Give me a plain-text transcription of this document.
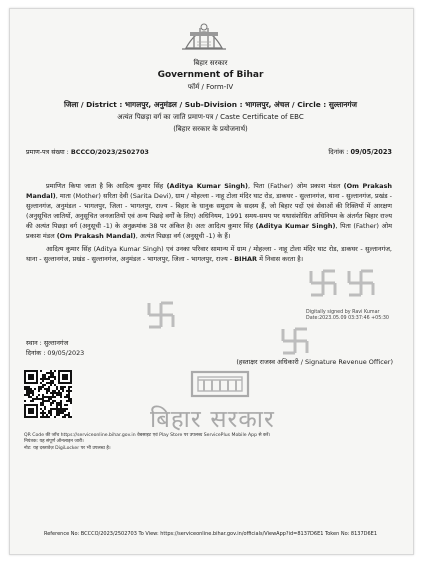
बिहार सरकार
Government of Bihar
फॉर्म / Form-IV
जिला / District : भागलपुर, अनुमंडल / Sub-Division : भागलपुर, अंचल / Circle : सुल्तानगंज
अत्यंत पिछड़ा वर्ग का जाति प्रमाण-पत्र / Caste Certificate of EBC
(बिहार सरकार के प्रयोजनार्थ)
प्रमाण-पत्र संख्या : BCCCO/2023/2502703	दिनांक : 09/05/2023
प्रमाणित किया जाता है कि आदित्य कुमार सिंह (Aditya Kumar Singh), पिता (Father) ओम प्रकाश मंडल (Om Prakash Mandal), माता (Mother) सरिता देवी (Sarita Devi), ग्राम / मोहल्ला - नाहू टोला मंदिर घाट रोड, डाकघर - सुल्तानगंज, थाना - सुल्तानगंज, प्रखंड - सुल्तानगंज, अनुमंडल - भागलपुर, जिला - भागलपुर, राज्य - बिहार के धानुक समुदाय के सदस्य हैं, जो बिहार पदों एवं सेवाओं की रिक्तियों में आरक्षण (अनुसूचित जातियों, अनुसूचित जनजातियों एवं अन्य पिछड़े वर्गों के लिए) अधिनियम, 1991 समय-समय पर यथासंशोधित अधिनियम के अंतर्गत बिहार राज्य की अत्यंत पिछड़ा वर्ग (अनुसूची -1) के अनुक्रमांक 38 पर अंकित है। अतः आदित्य कुमार सिंह (Aditya Kumar Singh), पिता (Father) ओम प्रकाश मंडल (Om Prakash Mandal), अत्यंत पिछड़ा वर्ग (अनुसूची -1) के हैं।
आदित्य कुमार सिंह (Aditya Kumar Singh) एवं उनका परिवार सामान्य में ग्राम / मोहल्ला - नाहू टोला मंदिर घाट रोड, डाकघर - सुल्तानगंज, थाना - सुल्तानगंज, प्रखंड - सुल्तानगंज, अनुमंडल - भागलपुर, जिला - भागलपुर, राज्य - BIHAR में निवास करता है।
Digitally signed by Ravi Kumar
Date:2023.05.09 03:37:46 +05:30
स्थान : सुल्तानगंज
दिनांक : 09/05/2023
(हस्ताक्षर राजस्व अधिकारी / Signature Revenue Officer)
बिहार सरकार
QR Code की जाँच https://serviceonline.bihar.gov.in वेबसाइट एवं Play Store पर उपलब्ध ServicePlus Mobile App से करें।
नियंत्रक: यह संपूर्ण ऑनलाइन जारी।
नोट: यह दस्तावेज़ DigiLocker पर भी उपलब्ध है।
Reference No: BCCCO/2023/2502703 To View: https://serviceonline.bihar.gov.in/officials/ViewApp?id=8137D6E1 Token No: 8137D6E1
